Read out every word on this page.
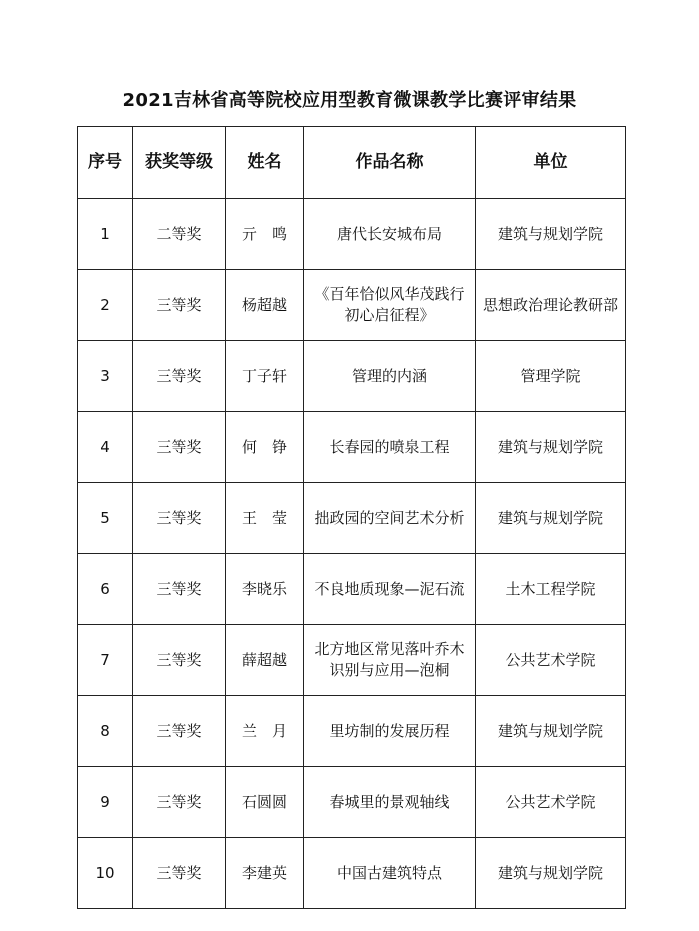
2021吉林省高等院校应用型教育微课教学比赛评审结果
序号	获奖等级	姓名	作品名称	单位
1	二等奖	亓　鸣	唐代长安城布局	建筑与规划学院
2	三等奖	杨超越	《百年恰似风华茂践行初心启征程》	思想政治理论教研部
3	三等奖	丁子轩	管理的内涵	管理学院
4	三等奖	何　铮	长春园的喷泉工程	建筑与规划学院
5	三等奖	王　莹	拙政园的空间艺术分析	建筑与规划学院
6	三等奖	李晓乐	不良地质现象—泥石流	土木工程学院
7	三等奖	薛超越	北方地区常见落叶乔木识别与应用—泡桐	公共艺术学院
8	三等奖	兰　月	里坊制的发展历程	建筑与规划学院
9	三等奖	石圆圆	春城里的景观轴线	公共艺术学院
10	三等奖	李建英	中国古建筑特点	建筑与规划学院
